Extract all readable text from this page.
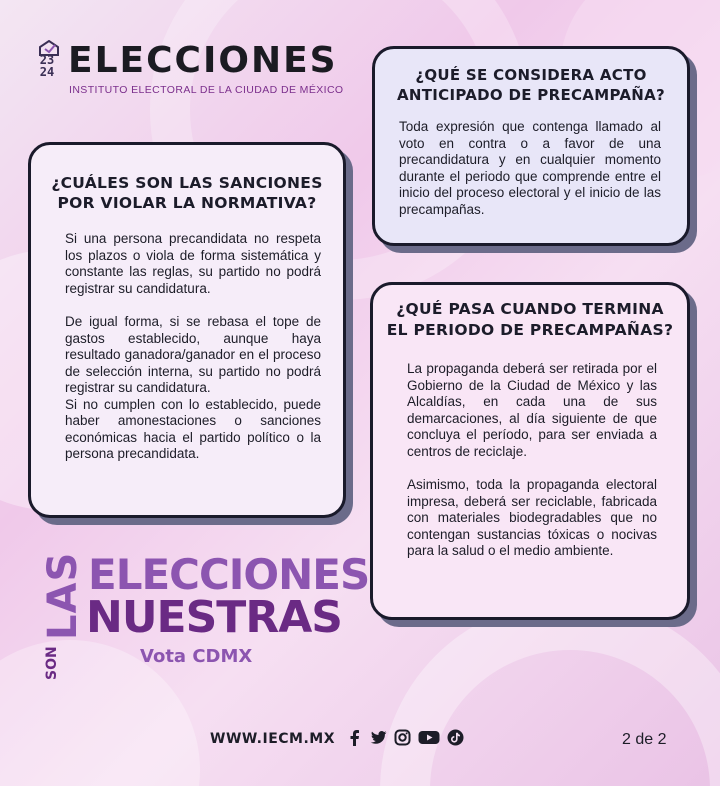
23
24 ELECCIONES
INSTITUTO ELECTORAL DE LA CIUDAD DE MÉXICO
¿CUÁLES SON LAS SANCIONES POR VIOLAR LA NORMATIVA?

Si una persona precandidata no respeta los plazos o viola de forma sistemática y constante las reglas, su partido no podrá registrar su candidatura.

De igual forma, si se rebasa el tope de gastos establecido, aunque haya resultado ganadora/ganador en el proceso de selección interna, su partido no podrá registrar su candidatura.

Si no cumplen con lo establecido, puede haber amonestaciones o sanciones económicas hacia el partido político o la persona precandidata.

¿QUÉ SE CONSIDERA ACTO ANTICIPADO DE PRECAMPAÑA?

Toda expresión que contenga llamado al voto en contra o a favor de una precandidatura y en cualquier momento durante el periodo que comprende entre el inicio del proceso electoral y el inicio de las precampañas.

¿QUÉ PASA CUANDO TERMINA EL PERIODO DE PRECAMPAÑAS?

La propaganda deberá ser retirada por el Gobierno de la Ciudad de México y las Alcaldías, en cada una de sus demarcaciones, al día siguiente de que concluya el período, para ser enviada a centros de reciclaje.

Asimismo, toda la propaganda electoral impresa, deberá ser reciclable, fabricada con materiales biodegradables que no contengan sustancias tóxicas o nocivas para la salud o el medio ambiente.

ELECCIONES
NUESTRAS
LAS
SON	Vota CDMX
WWW.IECM.MX	2 de 2
